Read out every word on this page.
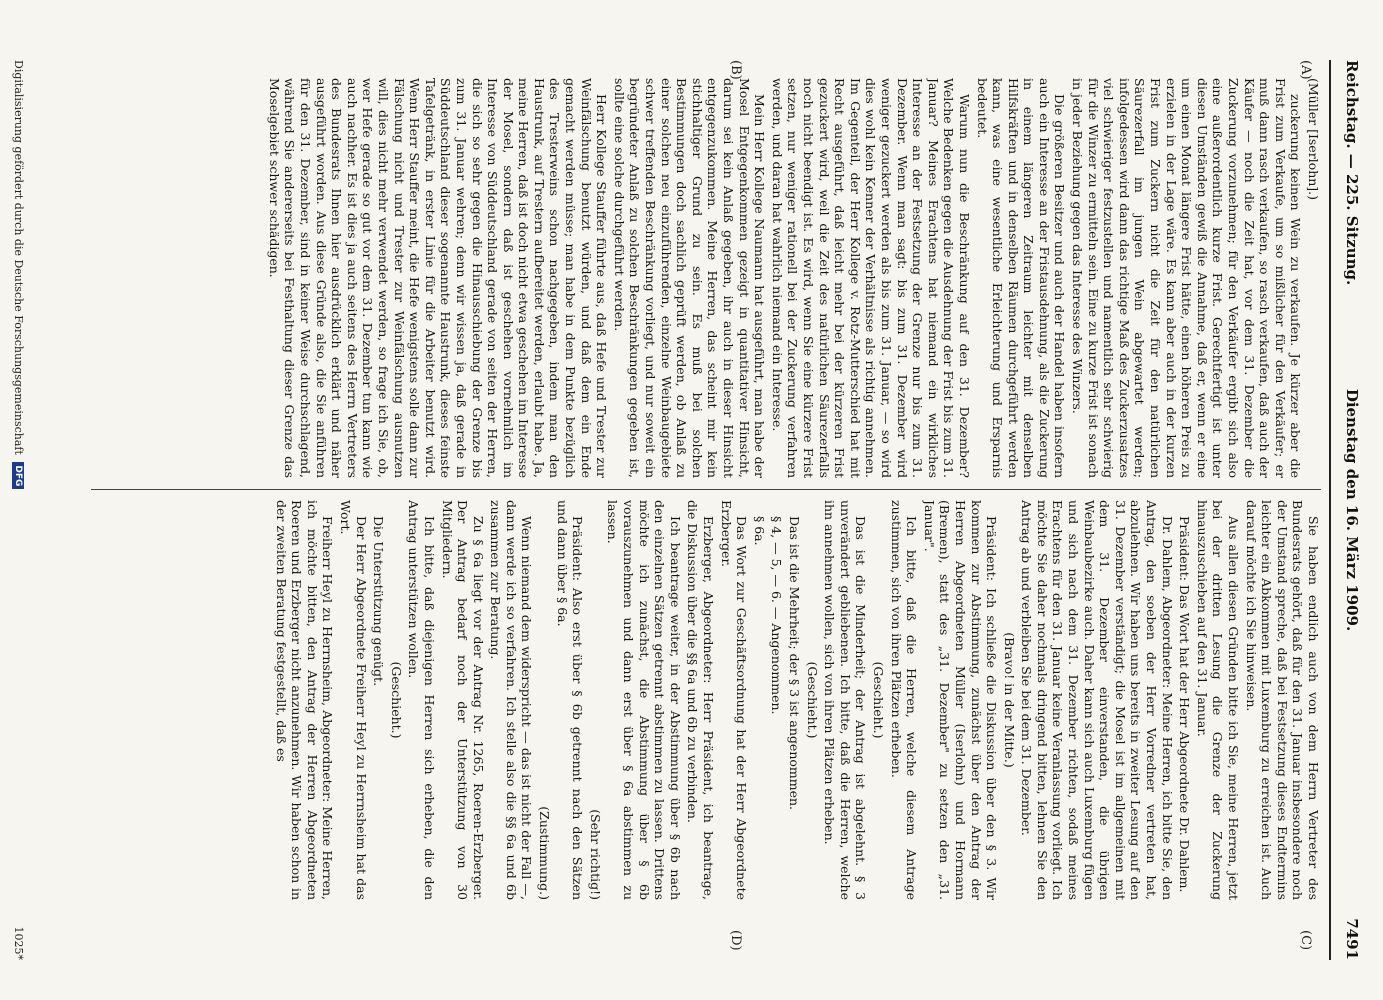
Reichstag. — 225. Sitzung.
Dienstag den 16. März 1909.
7491
(A)
(B)
(C)
(D)

(Müller [Iserlohn].)

zuckerung keinen Wein zu verkaufen. Je kürzer aber die Frist zum Verkaufe, um so mißlicher für den Verkäufer; er muß dann rasch verkaufen, so rasch verkaufen, daß auch der Käufer — noch die Zeit hat, vor dem 31. Dezember die Zuckerung vorzunehmen; für den Verkäufer ergibt sich also eine außerordentlich kurze Frist. Gerechtfertigt ist unter diesen Umständen gewiß die Annahme, daß er, wenn er eine um einen Monat längere Frist hätte, einen höheren Preis zu erzielen in der Lage wäre. Es kann aber auch in der kurzen Frist zum Zuckern nicht die Zeit für den natürlichen Säurezerfall im jungen Wein abgewartet werden; infolgedessen wird dann das richtige Maß des Zuckerzusatzes viel schwieriger festzustellen und namentlich sehr schwierig für die Winzer zu ermitteln sein. Eine zu kurze Frist ist sonach in jeder Beziehung gegen das Interesse des Winzers.

Die größeren Besitzer und auch der Handel haben insofern auch ein Interesse an der Fristausdehnung, als die Zuckerung in einem längeren Zeitraum leichter mit denselben Hilfskräften und in denselben Räumen durchgeführt werden kann, was eine wesentliche Erleichterung und Ersparnis bedeutet.

Warum nun die Beschränkung auf den 31. Dezember? Welche Bedenken gegen die Ausdehnung der Frist bis zum 31. Januar? Meines Erachtens hat niemand ein wirkliches Interesse an der Festsetzung der Grenze nur bis zum 31. Dezember. Wenn man sagt: bis zum 31. Dezember wird weniger gezuckert werden als bis zum 31. Januar, — so wird dies wohl kein Kenner der Verhältnisse als richtig annehmen. Im Gegenteil, der Herr Kollege v. Rotz-Mutterschied hat mit Recht ausgeführt, daß leicht mehr bei der kürzeren Frist gezuckert wird, weil die Zeit des natürlichen Säurezerfalls noch nicht beendigt ist. Es wird, wenn Sie eine kürzere Frist setzen, nur weniger rationell bei der Zuckerung verfahren werden, und daran hat wahrlich niemand ein Interesse.

Mein Herr Kollege Naumann hat ausgeführt, man habe der Mosel Entgegenkommen gezeigt in quantitativer Hinsicht, darum sei kein Anlaß gegeben, ihr auch in dieser Hinsicht entgegenzukommen. Meine Herren, das scheint mir kein stichhaltiger Grund zu sein. Es muß bei solchen Bestimmungen doch sachlich geprüft werden, ob Anlaß zu einer solchen neu einzuführenden, einzelne Weinbaugebiete schwer treffenden Beschränkung vorliegt, und nur soweit ein begründeter Anlaß zu solchen Beschränkungen gegeben ist, sollte eine solche durchgeführt werden.

Herr Kollege Stauffer führte aus, daß Hefe und Trester zur Weinfälschung benutzt würden, und daß dem ein Ende gemacht werden müsse; man habe in dem Punkte bezüglich des Tresterweins schon nachgegeben, indem man den Haustrunk, auf Trestern aufbereitet werden, erlaubt habe. Ja, meine Herren, daß ist doch nicht etwa geschehen im Interesse der Mosel, sondern daß ist geschehen vornehmlich im Interesse von Süddeutschland gerade von seiten der Herren, die sich so sehr gegen die Hinausschiebung der Grenze bis zum 31. Januar wehren; denn wir wissen ja, daß gerade in Süddeutschland dieser sogenannte Haustrunk, dieses feinste Tafelgetränk, in erster Linie für die Arbeiter benutzt wird. Wenn Herr Stauffer meint, die Hefe wenigstens solle dann zur Fälschung nicht und Trester zur Weinfälschung ausnutzen will, dies nicht mehr verwendet werden, so frage ich Sie, ob, wer Hefe gerade so gut vor dem 31. Dezember tun kann wie auch nachher. Es ist dies ja auch seitens des Herrn Vertreters des Bundesrats Ihnen hier ausdrücklich erklärt und näher ausgeführt worden. Aus diese Gründe also, die Sie anführen für den 31. Dezember, sind in keiner Weise durchschlagend, während Sie andererseits bei Festhaltung dieser Grenze das Moselgebiet schwer schädigen.

Sie haben endlich auch von dem Herrn Vertreter des Bundesrats gehört, daß für den 31. Januar insbesondere noch der Umstand spreche, daß bei Festsetzung dieses Endtermins leichter ein Abkommen mit Luxemburg zu erreichen ist. Auch darauf möchte ich Sie hinweisen.

Aus allen diesen Gründen bitte ich Sie, meine Herren, jetzt bei der dritten Lesung die Grenze der Zuckerung hinauszuschieben auf den 31. Januar.

Präsident: Das Wort hat der Herr Abgeordnete Dr. Dahlem.

Dr. Dahlem, Abgeordneter: Meine Herren, ich bitte Sie, den Antrag, den soeben der Herr Vorredner vertreten hat, abzulehnen. Wir haben uns bereits in zweiter Lesung auf den 31. Dezember verständigt; die Mosel ist im allgemeinen mit dem 31. Dezember einverstanden, die übrigen Weinbaubezirke auch. Daher kann sich auch Luxemburg fügen und sich nach dem 31. Dezember richten, sodaß meines Erachtens für den 31. Januar keine Veranlassung vorliegt. Ich möchte Sie daher nochmals dringend bitten, lehnen Sie den Antrag ab und verbleiben Sie bei dem 31. Dezember.

(Bravo! in der Mitte.)

Präsident: Ich schließe die Diskussion über den § 3. Wir kommen zur Abstimmung, zunächst über den Antrag der Herren Abgeordneten Müller (Iserlohn) und Hormann (Bremen), statt des „31. Dezember" zu setzen den „31. Januar".

Ich bitte, daß die Herren, welche diesem Antrage zustimmen, sich von ihren Plätzen erheben.

(Geschieht.)

Das ist die Minderheit; der Antrag ist abgelehnt. § 3 unverändert gebliebenen. Ich bitte, daß die Herren, welche ihn annehmen wollen, sich von ihren Plätzen erheben.

(Geschieht.)

Das ist die Mehrheit; der § 3 ist angenommen.

§ 4, — 5, — 6. — Angenommen.

§ 6a.

Das Wort zur Geschäftsordnung hat der Herr Abgeordnete Erzberger.

Erzberger, Abgeordneter: Herr Präsident, ich beantrage, die Diskussion über die §§ 6a und 6b zu verbinden.

Ich beantrage weiter, in der Abstimmung über § 6b nach den einzelnen Sätzen getrennt abstimmen zu lassen. Drittens möchte ich zunächst, die Abstimmung über § 6b vorauszunehmen und dann erst über § 6a abstimmen zu lassen.

(Sehr richtig!)

Präsident: Also erst über § 6b getrennt nach den Sätzen und dann über § 6a.

(Zustimmung.)

Wenn niemand dem widerspricht — das ist nicht der Fall —, dann werde ich so verfahren. Ich stelle also die §§ 6a und 6b zusammen zur Beratung.

Zu § 6a liegt vor der Antrag Nr. 1265, Roeren-Erzberger. Der Antrag bedarf noch der Unterstützung von 30 Mitgliedern.

Ich bitte, daß diejenigen Herren sich erheben, die den Antrag unterstützen wollen.

(Geschieht.)

Die Unterstützung genügt.

Der Herr Abgeordnete Freiherr Heyl zu Herrnsheim hat das Wort.

Freiherr Heyl zu Herrnsheim, Abgeordneter: Meine Herren, ich möchte bitten, den Antrag der Herren Abgeordneten Roeren und Erzberger nicht anzunehmen. Wir haben schon in der zweiten Beratung festgestellt, daß es

Digitalisierung gefördert durch die Deutsche Forschungsgemeinschaft DFG
1025*
